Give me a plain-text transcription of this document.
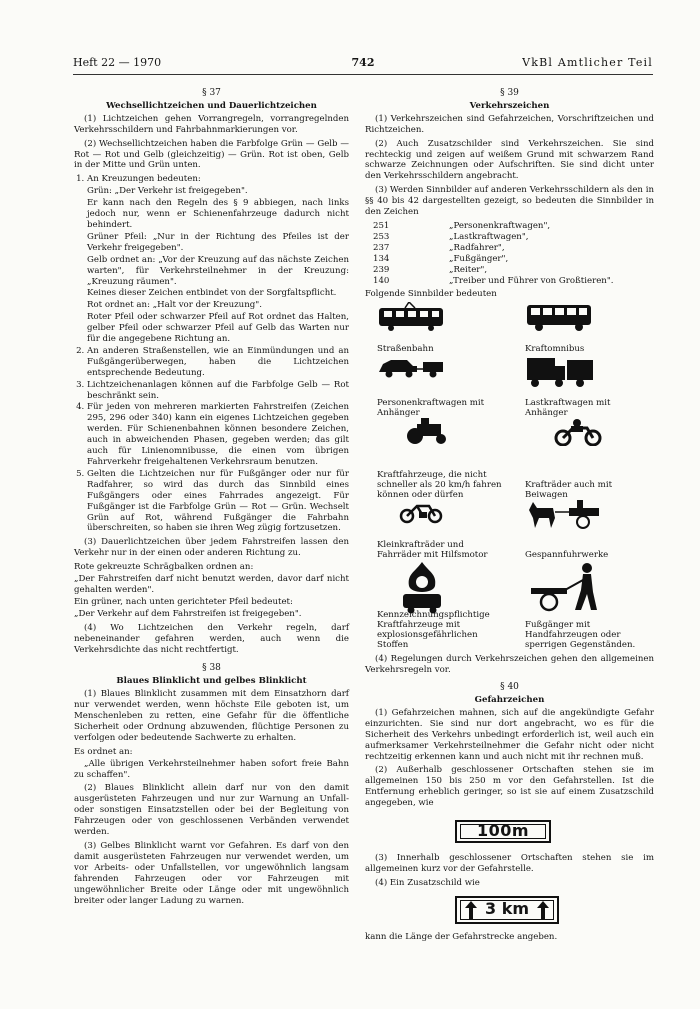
Heft 22 — 1970	742	VkBl Amtlicher Teil

§ 37

Wechsellichtzeichen und Dauerlichtzeichen

(1) Lichtzeichen gehen Vorrangregeln, vorrangregelnden Verkehrsschildern und Fahrbahnmarkierungen vor.

(2) Wechsellichtzeichen haben die Farbfolge Grün — Gelb — Rot — Rot und Gelb (gleichzeitig) — Grün. Rot ist oben, Gelb in der Mitte und Grün unten.

1. An Kreuzungen bedeuten:

Grün: „Der Verkehr ist freigegeben".

Er kann nach den Regeln des § 9 abbiegen, nach links jedoch nur, wenn er Schienenfahrzeuge dadurch nicht behindert.

Grüner Pfeil: „Nur in der Richtung des Pfeiles ist der Verkehr freigegeben".

Gelb ordnet an: „Vor der Kreuzung auf das nächste Zeichen warten", für Verkehrsteilnehmer in der Kreuzung: „Kreuzung räumen".

Keines dieser Zeichen entbindet von der Sorgfaltspflicht.

Rot ordnet an: „Halt vor der Kreuzung".

Roter Pfeil oder schwarzer Pfeil auf Rot ordnet das Halten, gelber Pfeil oder schwarzer Pfeil auf Gelb das Warten nur für die angegebene Richtung an.

2. An anderen Straßenstellen, wie an Einmündungen und an Fußgängerüberwegen, haben die Lichtzeichen entsprechende Bedeutung.
3. Lichtzeichenanlagen können auf die Farbfolge Gelb — Rot beschränkt sein.
4. Für jeden von mehreren markierten Fahrstreifen (Zeichen 295, 296 oder 340) kann ein eigenes Lichtzeichen gegeben werden. Für Schienenbahnen können besondere Zeichen, auch in abweichenden Phasen, gegeben werden; das gilt auch für Linienomnibusse, die einen vom übrigen Fahrverkehr freigehaltenen Verkehrsraum benutzen.
5. Gelten die Lichtzeichen nur für Fußgänger oder nur für Radfahrer, so wird das durch das Sinnbild eines Fußgängers oder eines Fahrrades angezeigt. Für Fußgänger ist die Farbfolge Grün — Rot — Grün. Wechselt Grün auf Rot, während Fußgänger die Fahrbahn überschreiten, so haben sie ihren Weg zügig fortzusetzen.

(3) Dauerlichtzeichen über jedem Fahrstreifen lassen den Verkehr nur in der einen oder anderen Richtung zu.

Rote gekreuzte Schrägbalken ordnen an:

„Der Fahrstreifen darf nicht benutzt werden, davor darf nicht gehalten werden".

Ein grüner, nach unten gerichteter Pfeil bedeutet:

„Der Verkehr auf dem Fahrstreifen ist freigegeben".

(4) Wo Lichtzeichen den Verkehr regeln, darf nebeneinander gefahren werden, auch wenn die Verkehrsdichte das nicht rechtfertigt.

§ 38

Blaues Blinklicht und gelbes Blinklicht

(1) Blaues Blinklicht zusammen mit dem Einsatzhorn darf nur verwendet werden, wenn höchste Eile geboten ist, um Menschenleben zu retten, eine Gefahr für die öffentliche Sicherheit oder Ordnung abzuwenden, flüchtige Personen zu verfolgen oder bedeutende Sachwerte zu erhalten.

Es ordnet an:

„Alle übrigen Verkehrsteilnehmer haben sofort freie Bahn zu schaffen".

(2) Blaues Blinklicht allein darf nur von den damit ausgerüsteten Fahrzeugen und nur zur Warnung an Unfall- oder sonstigen Einsatzstellen oder bei der Begleitung von Fahrzeugen oder von geschlossenen Verbänden verwendet werden.

(3) Gelbes Blinklicht warnt vor Gefahren. Es darf von den damit ausgerüsteten Fahrzeugen nur verwendet werden, um vor Arbeits- oder Unfallstellen, vor ungewöhnlich langsam fahrenden Fahrzeugen oder vor Fahrzeugen mit ungewöhnlicher Breite oder Länge oder mit ungewöhnlich breiter oder langer Ladung zu warnen.

§ 39

Verkehrszeichen

(1) Verkehrszeichen sind Gefahrzeichen, Vorschriftzeichen und Richtzeichen.

(2) Auch Zusatzschilder sind Verkehrszeichen. Sie sind rechteckig und zeigen auf weißem Grund mit schwarzem Rand schwarze Zeichnungen oder Aufschriften. Sie sind dicht unter den Verkehrsschildern angebracht.

(3) Werden Sinnbilder auf anderen Verkehrsschildern als den in §§ 40 bis 42 dargestellten gezeigt, so bedeuten die Sinnbilder in den Zeichen

251	„Personenkraftwagen",
253	„Lastkraftwagen",
237	„Radfahrer",
134	„Fußgänger",
239	„Reiter",
140	„Treiber und Führer von Großtieren".

Folgende Sinnbilder bedeuten

Straßenbahn	Kraftomnibus
Personenkraftwagen mit Anhänger
Lastkraftwagen mit Anhänger
Kraftfahrzeuge, die nicht schneller als 20 km/h fahren können oder dürfen
Krafträder auch mit Beiwagen
Kleinkrafträder und Fahrräder mit Hilfsmotor	Gespannfuhrwerke
Kennzeichnungspflichtige Kraftfahrzeuge mit explosionsgefährlichen Stoffen
Fußgänger mit Handfahrzeugen oder sperrigen Gegenständen.

(4) Regelungen durch Verkehrszeichen gehen den allgemeinen Verkehrsregeln vor.

§ 40

Gefahrzeichen

(1) Gefahrzeichen mahnen, sich auf die angekündigte Gefahr einzurichten. Sie sind nur dort angebracht, wo es für die Sicherheit des Verkehrs unbedingt erforderlich ist, weil auch ein aufmerksamer Verkehrsteilnehmer die Gefahr nicht oder nicht rechtzeitig erkennen kann und auch nicht mit ihr rechnen muß.

(2) Außerhalb geschlossener Ortschaften stehen sie im allgemeinen 150 bis 250 m vor den Gefahrstellen. Ist die Entfernung erheblich geringer, so ist sie auf einem Zusatzschild angegeben, wie

100m

(3) Innerhalb geschlossener Ortschaften stehen sie im allgemeinen kurz vor der Gefahrstelle.

(4) Ein Zusatzschild wie

3 km

kann die Länge der Gefahrstrecke angeben.
